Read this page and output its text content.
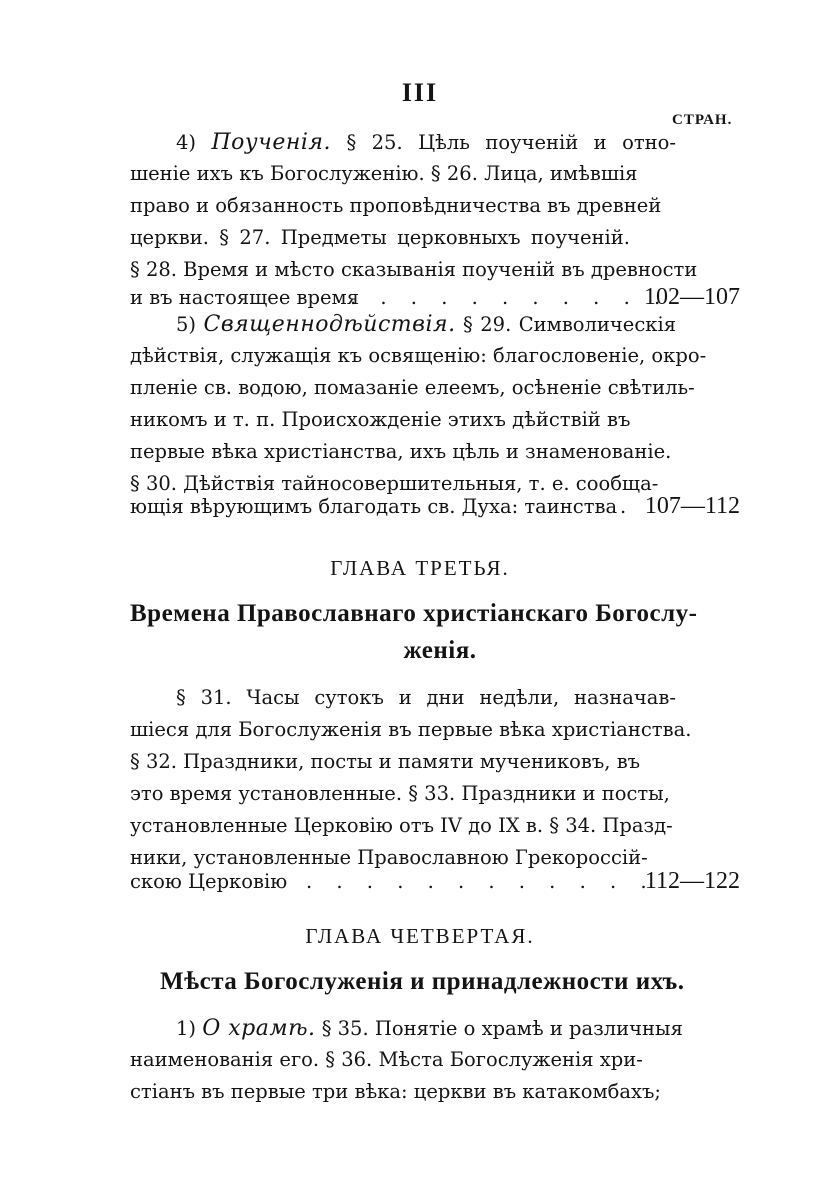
III
СТРАН.
4) Поученія. § 25. Цѣль поученій и отно-
шеніе ихъ къ Богослуженію. § 26. Лица, имѣвшія
право и обязанность проповѣдничества въ древней
церкви. § 27. Предметы церковныхъ поученій.
§ 28. Время и мѣсто сказыванія поученій въ древности
и въ настоящее время
. . . . . . . . . . .
102—107
5) Священнодѣйствія. § 29. Символическія
дѣйствія, служащія къ освященію: благословеніе, окро-
пленіе св. водою, помазаніе елеемъ, осѣненіе свѣтиль-
никомъ и т. п. Происхожденіе этихъ дѣйствій въ
первые вѣка христіанства, ихъ цѣль и знаменованіе.
§ 30. Дѣйствія тайносовершительныя, т. е. сообща-
ющія вѣрующимъ благодать св. Духа: таинства . 107—112
ГЛАВА ТРЕТЬЯ.
Времена Православнаго христіанскаго Богослу-
женія.
§ 31. Часы сутокъ и дни недѣли, назначав-
шіеся для Богослуженія въ первые вѣка христіанства.
§ 32. Праздники, посты и памяти мучениковъ, въ
это время установленные. § 33. Праздники и посты,
установленные Церковію отъ IV до IX в. § 34. Празд-
ники, установленные Православною Грекороссій-
скою Церковію . . . . . . . . . . . .
112—122
ГЛАВА ЧЕТВЕРТАЯ.
Мѣста Богослуженія и принадлежности ихъ.
1) О храмѣ. § 35. Понятіе о храмѣ и различныя
наименованія его. § 36. Мѣста Богослуженія хри-
стіанъ въ первые три вѣка: церкви въ катакомбахъ;
